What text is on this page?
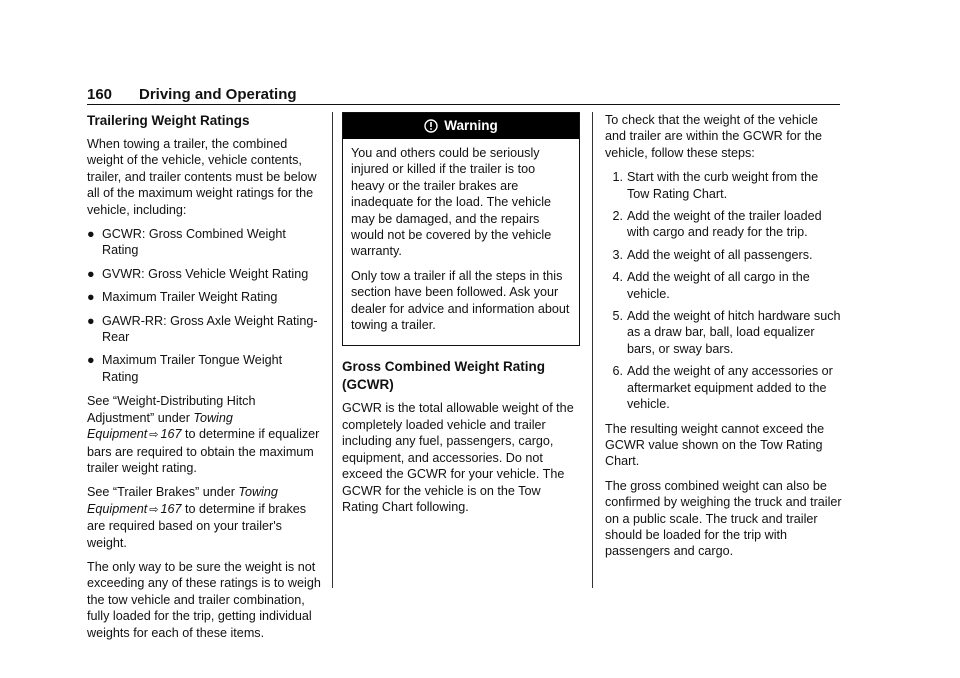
160 Driving and Operating
Trailering Weight Ratings

When towing a trailer, the combined weight of the vehicle, vehicle contents, trailer, and trailer contents must be below all of the maximum weight ratings for the vehicle, including:

● GCWR: Gross Combined Weight Rating
● GVWR: Gross Vehicle Weight Rating
● Maximum Trailer Weight Rating
● GAWR-RR: Gross Axle Weight Rating-Rear
● Maximum Trailer Tongue Weight Rating

See “Weight-Distributing Hitch Adjustment” under Towing Equipment ⇨ 167 to determine if equalizer bars are required to obtain the maximum trailer weight rating.

See “Trailer Brakes” under Towing Equipment ⇨ 167 to determine if brakes are required based on your trailer's weight.

The only way to be sure the weight is not exceeding any of these ratings is to weigh the tow vehicle and trailer combination, fully loaded for the trip, getting individual weights for each of these items.

Warning

You and others could be seriously injured or killed if the trailer is too heavy or the trailer brakes are inadequate for the load. The vehicle may be damaged, and the repairs would not be covered by the vehicle warranty.

Only tow a trailer if all the steps in this section have been followed. Ask your dealer for advice and information about towing a trailer.

Gross Combined Weight Rating (GCWR)

GCWR is the total allowable weight of the completely loaded vehicle and trailer including any fuel, passengers, cargo, equipment, and accessories. Do not exceed the GCWR for your vehicle. The GCWR for the vehicle is on the Tow Rating Chart following.

To check that the weight of the vehicle and trailer are within the GCWR for the vehicle, follow these steps:

1. Start with the curb weight from the Tow Rating Chart.
2. Add the weight of the trailer loaded with cargo and ready for the trip.
3. Add the weight of all passengers.
4. Add the weight of all cargo in the vehicle.
5. Add the weight of hitch hardware such as a draw bar, ball, load equalizer bars, or sway bars.
6. Add the weight of any accessories or aftermarket equipment added to the vehicle.

The resulting weight cannot exceed the GCWR value shown on the Tow Rating Chart.

The gross combined weight can also be confirmed by weighing the truck and trailer on a public scale. The truck and trailer should be loaded for the trip with passengers and cargo.
